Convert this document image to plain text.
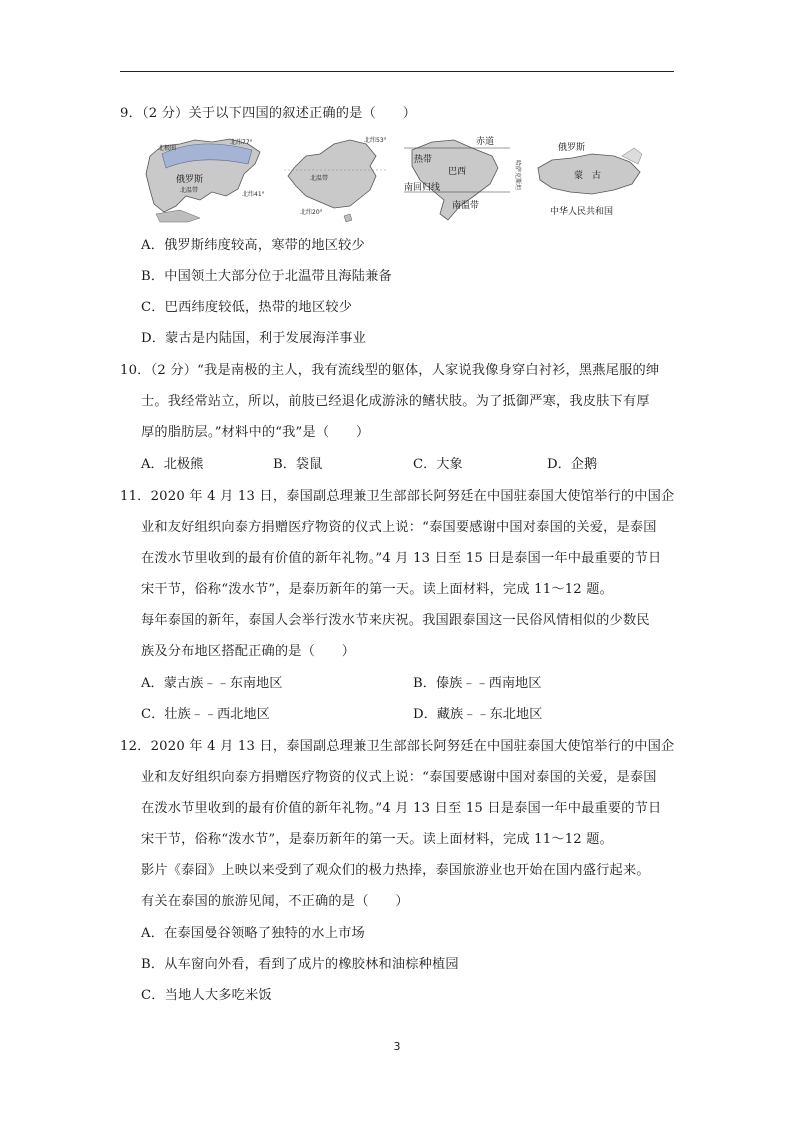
9．（2 分）关于以下四国的叙述正确的是（　　）
北极圈
俄罗斯
北温带
北纬77°
北纬41°
北温带
北纬53°
北纬20°
赤道
热带
巴西
南回归线
南温带
俄罗斯
蒙　古
哈萨克斯坦
中华人民共和国
A．俄罗斯纬度较高，寒带的地区较少
B．中国领土大部分位于北温带且海陆兼备
C．巴西纬度较低，热带的地区较少
D．蒙古是内陆国，利于发展海洋事业
10．（2 分）“我是南极的主人，我有流线型的躯体，人家说我像身穿白衬衫，黑燕尾服的绅
士。我经常站立，所以，前肢已经退化成游泳的鳍状肢。为了抵御严寒，我皮肤下有厚
厚的脂肪层。”材料中的“我”是（　　）
A．北极熊	B．袋鼠	C．大象	D．企鹅
11．2020 年 4 月 13 日，泰国副总理兼卫生部部长阿努廷在中国驻泰国大使馆举行的中国企
业和友好组织向泰方捐赠医疗物资的仪式上说：“泰国要感谢中国对泰国的关爱，是泰国
在泼水节里收到的最有价值的新年礼物。”4 月 13 日至 15 日是泰国一年中最重要的节日
宋干节，俗称“泼水节”，是泰历新年的第一天。读上面材料，完成 11～12 题。
每年泰国的新年，泰国人会举行泼水节来庆祝。我国跟泰国这一民俗风情相似的少数民
族及分布地区搭配正确的是（　　）
A．蒙古族﹣﹣东南地区	B．傣族﹣﹣西南地区
C．壮族﹣﹣西北地区	D．藏族﹣﹣东北地区
12．2020 年 4 月 13 日，泰国副总理兼卫生部部长阿努廷在中国驻泰国大使馆举行的中国企
业和友好组织向泰方捐赠医疗物资的仪式上说：“泰国要感谢中国对泰国的关爱，是泰国
在泼水节里收到的最有价值的新年礼物。”4 月 13 日至 15 日是泰国一年中最重要的节日
宋干节，俗称“泼水节”，是泰历新年的第一天。读上面材料，完成 11～12 题。
影片《泰囧》上映以来受到了观众们的极力热捧，泰国旅游业也开始在国内盛行起来。
有关在泰国的旅游见闻，不正确的是（　　）
A．在泰国曼谷领略了独特的水上市场
B．从车窗向外看，看到了成片的橡胶林和油棕种植园
C．当地人大多吃米饭
3
